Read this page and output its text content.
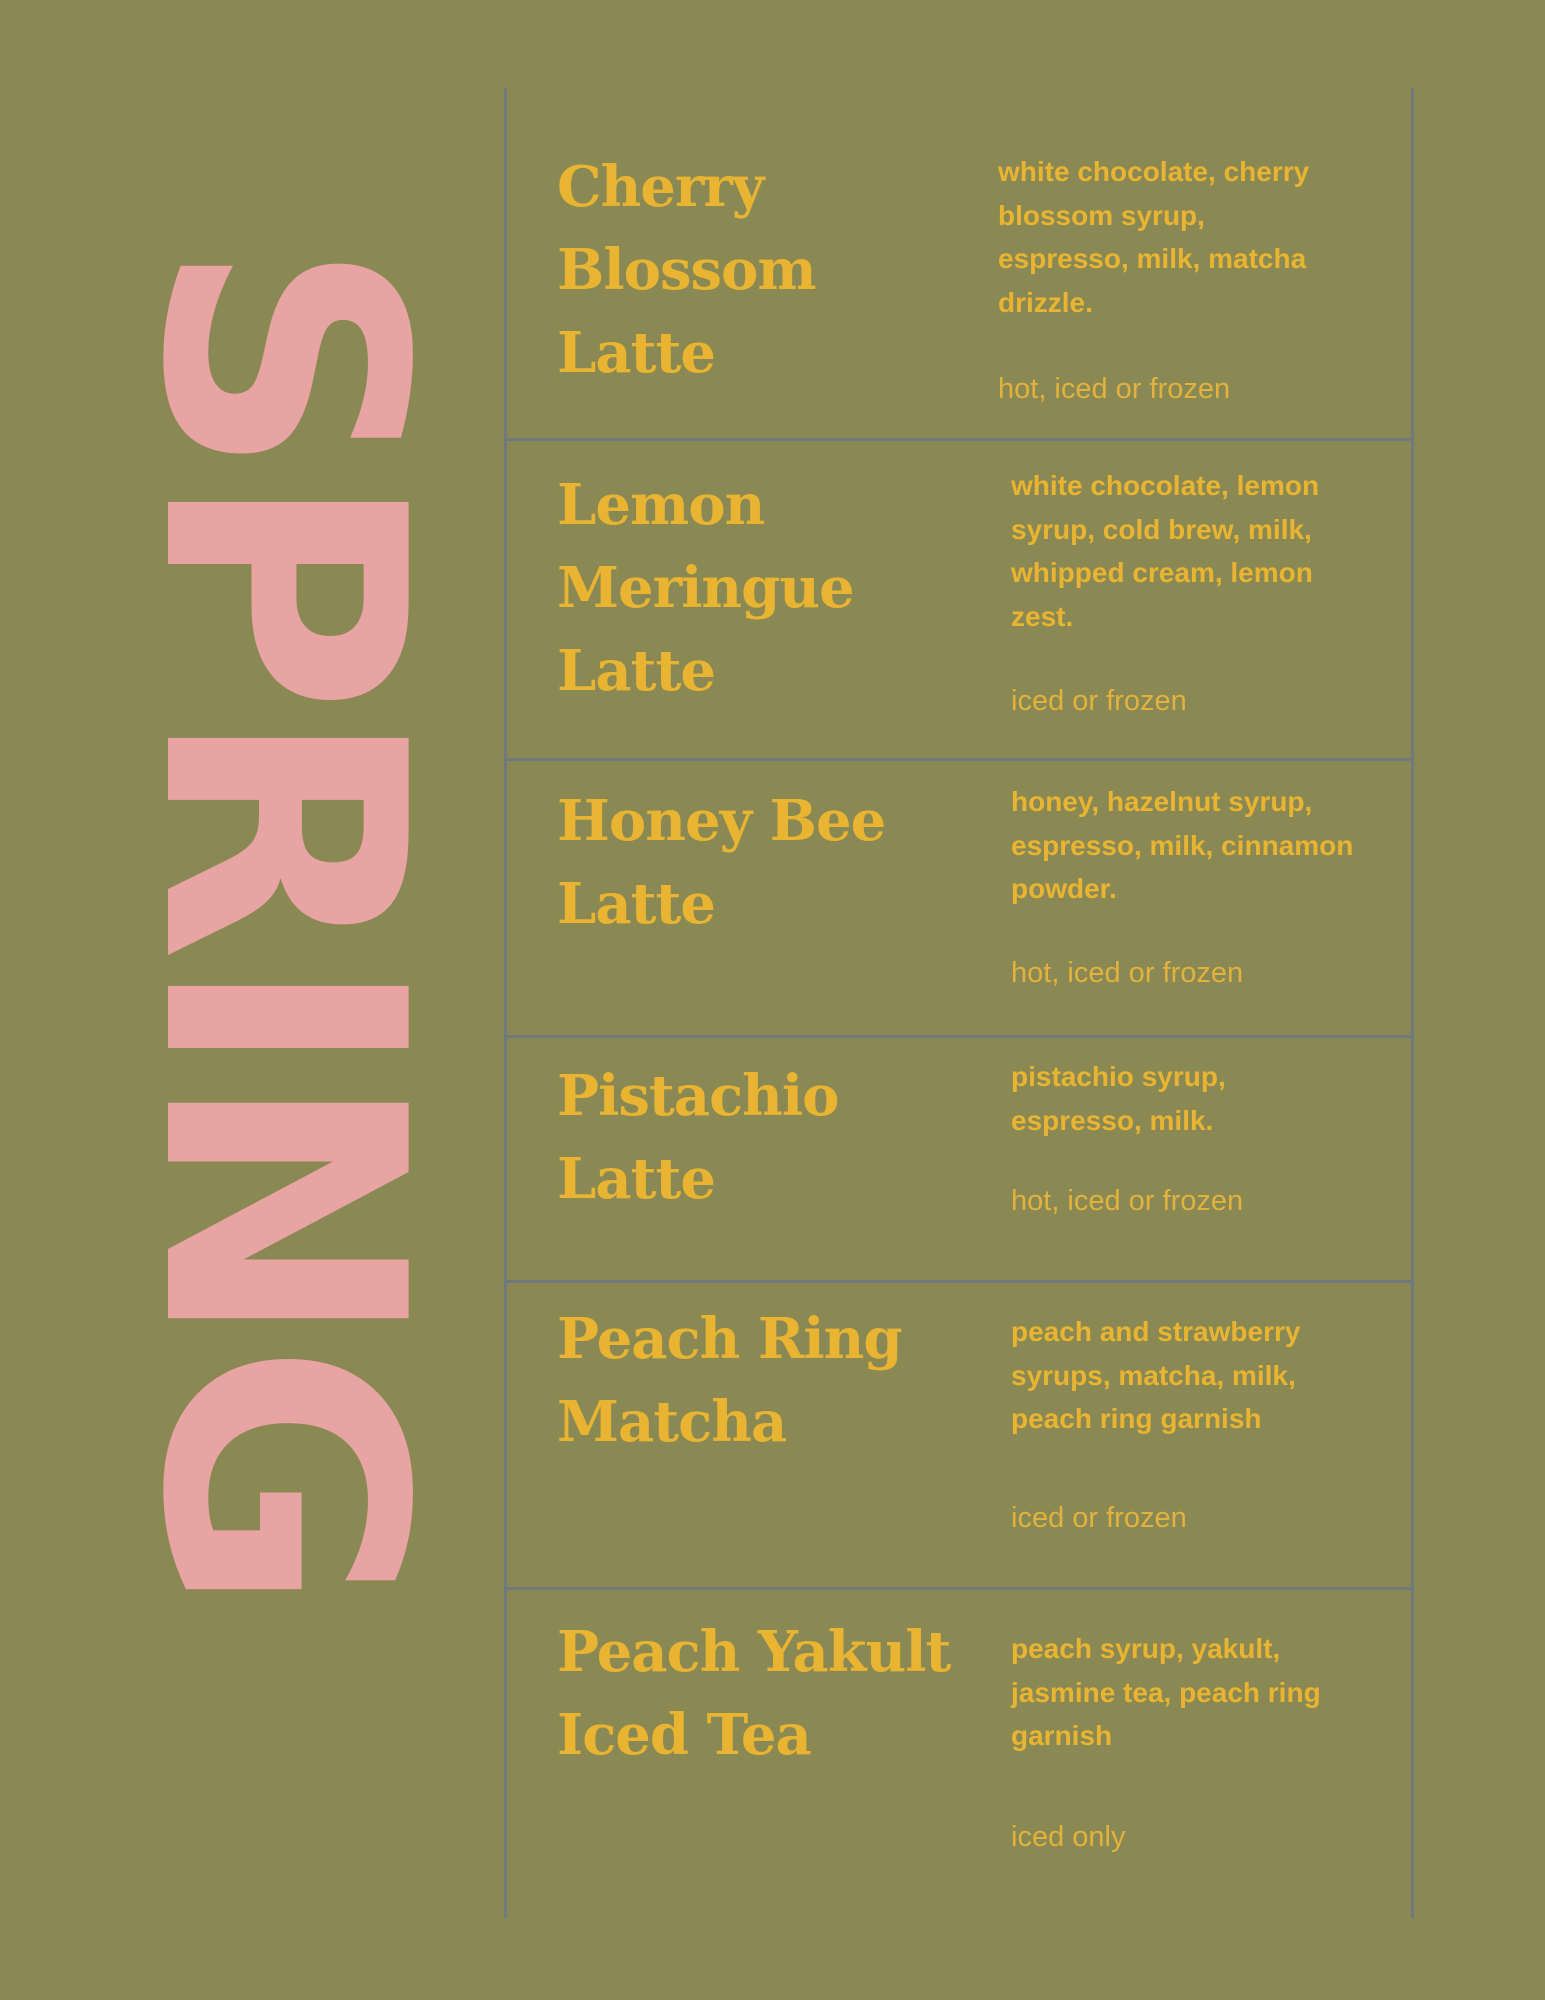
SPRING
Cherry Blossom Latte

white chocolate, cherry blossom syrup, espresso, milk, matcha drizzle.

hot, iced or frozen

Lemon Meringue Latte

white chocolate, lemon syrup, cold brew, milk, whipped cream, lemon zest.

iced or frozen

Honey Bee Latte

honey, hazelnut syrup, espresso, milk, cinnamon powder.

hot, iced or frozen

Pistachio Latte

pistachio syrup, espresso, milk.

hot, iced or frozen

Peach Ring Matcha

peach and strawberry syrups, matcha, milk, peach ring garnish

iced or frozen

Peach Yakult Iced Tea

peach syrup, yakult, jasmine tea, peach ring garnish

iced only
